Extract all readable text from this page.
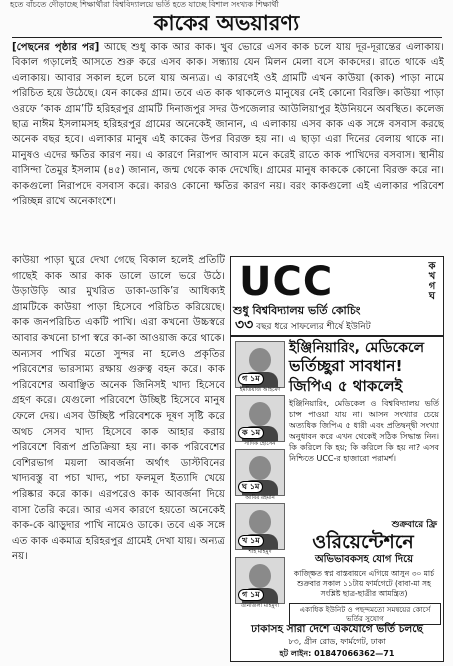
হতে বাঁচতে দৌড়াচ্ছে শিক্ষার্থীরা বিশ্ববিদ্যালয়ে ভর্তি হতে যাচ্ছে বিশাল সংখ্যক শিক্ষার্থী
কাকের অভয়ারণ্য
[পেছনের পৃষ্ঠার পর] আছে শুধু কাক আর কাক। খুব ভোরে এসব কাক চলে যায় দূর-দূরান্তের এলাকায়। বিকাল গড়ালেই আসতে শুরু করে এসব কাক। সন্ধ্যায় যেন মিলন মেলা বসে কাকদের। রাতে থাকে এই এলাকায়। আবার সকাল হলে চলে যায় অন্যত্র। এ কারণেই ওই গ্রামটি এখন কাউয়া (কাক) পাড়া নামে পরিচিত হয়ে উঠেছে। যেন কাকের গ্রাম। তবে এত কাক থাকলেও মানুষের নেই কোনো বিরক্তি। কাউয়া পাড়া ওরফে ‘কাক গ্রাম’টি হরিহরপুর গ্রামটি দিনাজপুর সদর উপজেলার আউলিয়াপুর ইউনিয়নে অবস্থিত। কলেজ ছাত্র নাঈম ইসলামসহ হরিহরপুর গ্রামের অনেকেই জানান, এ এলাকায় এসব কাক এক সঙ্গে বসবাস করছে অনেক বছর হবে। এলাকার মানুষ এই কাকের উপর বিরক্ত হয় না। এ ছাড়া এরা দিনের বেলায় থাকে না। মানুষও এদের ক্ষতির কারণ নয়। এ কারণে নিরাপদ আবাস মনে করেই রাতে কাক পাখিদের বসবাস। স্থানীয় বাসিন্দা তৈমুর ইসলাম (৪৫) জানান, জন্ম থেকে কাক দেখেছি। গ্রামের মানুষ কাককে কোনো বিরক্ত করে না। কাকগুলো নিরাপদে বসবাস করে। কারও কোনো ক্ষতির কারণ নয়। বরং কাকগুলো এই এলাকার পরিবেশ পরিচ্ছন্ন রাখে অনেকাংশে।
কাউয়া পাড়া ঘুরে দেখা গেছে বিকাল হলেই প্রতিটি গাছেই কাক আর কাক ডালে ডালে ভরে উঠে। উড়াউড়ি আর মুখরিত ডাকা-ডাকি’র আধিক্যই গ্রামটিকে কাউয়া পাড়া হিসেবে পরিচিত করিয়েছে। কাক জনপরিচিত একটি পাখি। এরা কখনো উচ্চস্বরে আবার কখনো চাপা স্বরে কা-কা আওয়াজ করে থাকে। অন্যসব পাখির মতো সুন্দর না হলেও প্রকৃতির পরিবেশের ভারসাম্য রক্ষায় গুরুত্ব বহন করে। কাক পরিবেশের অবাঞ্ছিত অনেক জিনিসই খাদ্য হিসেবে গ্রহণ করে। যেগুলো পরিবেশে উচ্ছিষ্ট হিসেবে মানুষ ফেলে দেয়। এসব উচ্ছিষ্ট পরিবেশকে দূষণ সৃষ্টি করে অথচ সেসব খাদ্য হিসেবে কাক আহার করায় পরিবেশে বিরূপ প্রতিক্রিয়া হয় না। কাক পরিবেশের বেশিরভাগ ময়লা আবর্জনা অর্থাৎ ডাস্টবিনের খাদ্যবস্তু বা পচা খাদ্য, পচা ফলমূল ইত্যাদি খেয়ে পরিষ্কার করে কাক। এরপরেও কাক আবর্জনা দিয়ে বাসা তৈরি করে। আর এসব কারণে হয়তো অনেকেই কাক-কে ঝাড়ুদার পাখি নামেও ডাকে। তবে এক সঙ্গে এত কাক একমাত্র হরিহরপুর গ্রামেই দেখা যায়। অন্যত্র নয়।
UCC	ক খ গ ঘ
শুধু বিশ্ববিদ্যালয় ভর্তি কোচিং
৩৩ বছর ধরে সাফল্যের শীর্ষে ইউনিট
গ ১ম
ইমতিয়াজ আহমেদ
ক ১ম
সাদিক হোসেন
ঘ ১ম
আবির রহমান
খ ১ম
শাহ মাহমুদ
গ ১ম
তানজিলা মাহমুদা
ইঞ্জিনিয়ারিং, মেডিকেলে
ভর্তিচ্ছুরা সাবধান!
জিপিএ ৫ থাকলেই
ইঞ্জিনিয়ারিং, মেডিকেল ও বিশ্ববিদ্যালয় ভর্তি চান্স পাওয়া যায় না। আসন সংখ্যার চেয়ে অত্যধিক জিপিএ ৫ ধারী এবং প্রতিদ্বন্দ্বী সংখ্যা অনুধাবন করে এখন থেকেই সঠিক সিদ্ধান্ত নিন। কি করিলে কি হয়; কি করিলে কি হয় না? এসব নিশ্চিতে UCC-র হাজারো পরামর্শ।
শুক্রবারে ফ্রি
ওরিয়েন্টেশনে
অভিভাবকসহ যোগ দিয়ে
কাজ্ক্ষিত স্বপ্ন বাস্তবায়নে এগিয়ে আসুন ৩০ মার্চ শুক্রবার সকাল ১১টায় ফার্মগেটে (বাবা-মা সহ সংশ্লিষ্ট ছাত্র-ছাত্রীর আমন্ত্রিত)
একাধিক ইউনিট ও পছন্দমতো সমন্বয়ের কোর্সে ভর্তির সুযোগ
ঢাকাসহ সারা দেশে একযোগে ভর্তি চলছে
৮৩, গ্রীন রোড, ফার্মগেট, ঢাকা
হট লাইন: 01847066362—71
